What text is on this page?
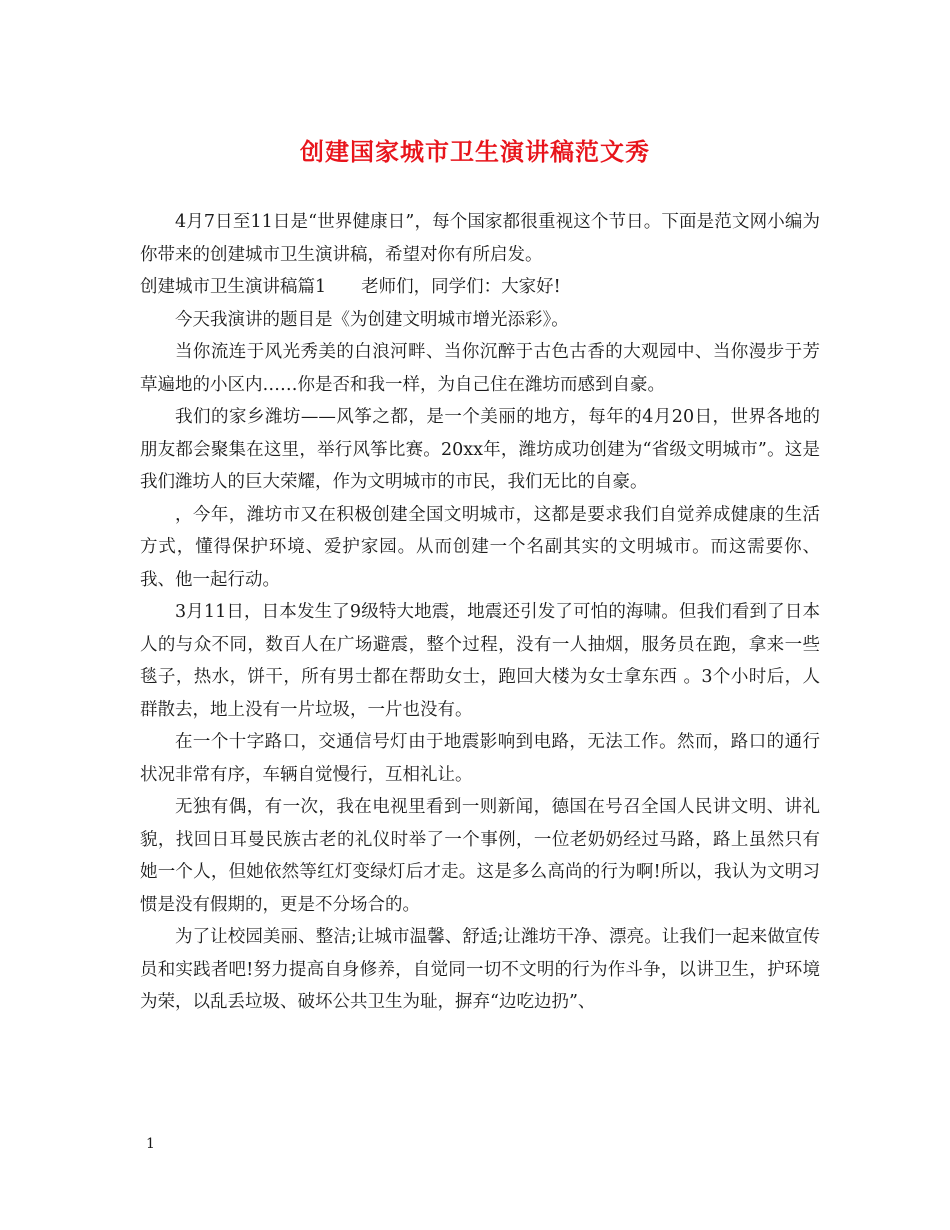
创建国家城市卫生演讲稿范文秀

4月7日至11日是“世界健康日”，每个国家都很重视这个节日。下面是范文网小编为你带来的创建城市卫生演讲稿，希望对你有所启发。

创建城市卫生演讲稿篇1　　老师们，同学们：大家好!

今天我演讲的题目是《为创建文明城市增光添彩》。

当你流连于风光秀美的白浪河畔、当你沉醉于古色古香的大观园中、当你漫步于芳草遍地的小区内……你是否和我一样，为自己住在潍坊而感到自豪。

我们的家乡潍坊——风筝之都，是一个美丽的地方，每年的4月20日，世界各地的朋友都会聚集在这里，举行风筝比赛。20xx年，潍坊成功创建为“省级文明城市”。这是我们潍坊人的巨大荣耀，作为文明城市的市民，我们无比的自豪。

，今年，潍坊市又在积极创建全国文明城市，这都是要求我们自觉养成健康的生活方式，懂得保护环境、爱护家园。从而创建一个名副其实的文明城市。而这需要你、我、他一起行动。

3月11日，日本发生了9级特大地震，地震还引发了可怕的海啸。但我们看到了日本人的与众不同，数百人在广场避震，整个过程，没有一人抽烟，服务员在跑，拿来一些毯子，热水，饼干，所有男士都在帮助女士，跑回大楼为女士拿东西 。3个小时后，人群散去，地上没有一片垃圾，一片也没有。

在一个十字路口，交通信号灯由于地震影响到电路，无法工作。然而，路口的通行状况非常有序，车辆自觉慢行，互相礼让。

无独有偶，有一次，我在电视里看到一则新闻，德国在号召全国人民讲文明、讲礼貌，找回日耳曼民族古老的礼仪时举了一个事例，一位老奶奶经过马路，路上虽然只有她一个人，但她依然等红灯变绿灯后才走。这是多么高尚的行为啊!所以，我认为文明习惯是没有假期的，更是不分场合的。

为了让校园美丽、整洁;让城市温馨、舒适;让潍坊干净、漂亮。让我们一起来做宣传员和实践者吧!努力提高自身修养，自觉同一切不文明的行为作斗争，以讲卫生，护环境为荣，以乱丢垃圾、破坏公共卫生为耻，摒弃“边吃边扔”、

1
